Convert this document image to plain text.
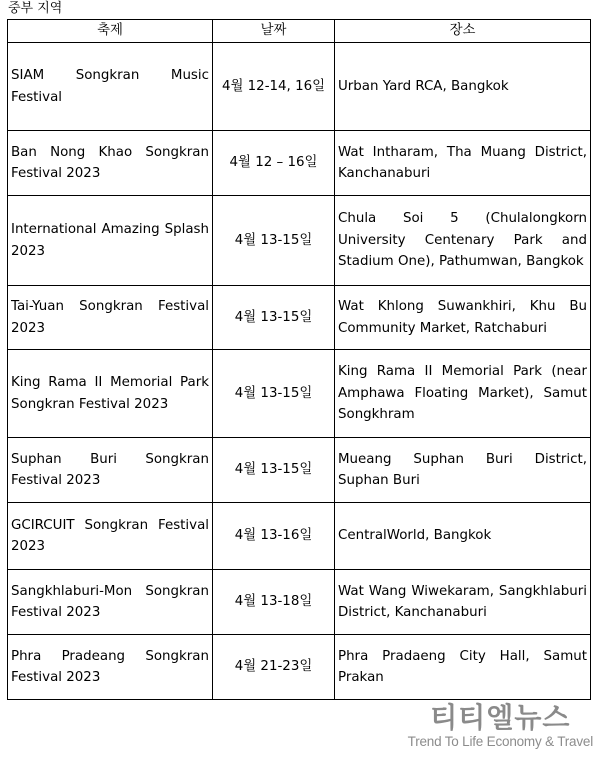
중부 지역
축제	날짜	장소
SIAM Songkran Music Festival	4월 12-14, 16일	Urban Yard RCA, Bangkok
Ban Nong Khao Songkran Festival 2023	4월 12 – 16일	Wat Intharam, Tha Muang District, Kanchanaburi
International Amazing Splash 2023	4월 13-15일	Chula Soi 5 (Chulalongkorn University Centenary Park and Stadium One), Pathumwan, Bangkok
Tai-Yuan Songkran Festival 2023	4월 13-15일	Wat Khlong Suwankhiri, Khu Bu Community Market, Ratchaburi
King Rama II Memorial Park Songkran Festival 2023	4월 13-15일	King Rama II Memorial Park (near Amphawa Floating Market), Samut Songkhram
Suphan Buri Songkran Festival 2023	4월 13-15일	Mueang Suphan Buri District, Suphan Buri
GCIRCUIT Songkran Festival 2023	4월 13-16일	CentralWorld, Bangkok
Sangkhlaburi-Mon Songkran Festival 2023	4월 13-18일	Wat Wang Wiwekaram, Sangkhlaburi District, Kanchanaburi
Phra Pradeang Songkran Festival 2023	4월 21-23일	Phra Pradaeng City Hall, Samut Prakan
티티엘뉴스
Trend To Life Economy & Travel
